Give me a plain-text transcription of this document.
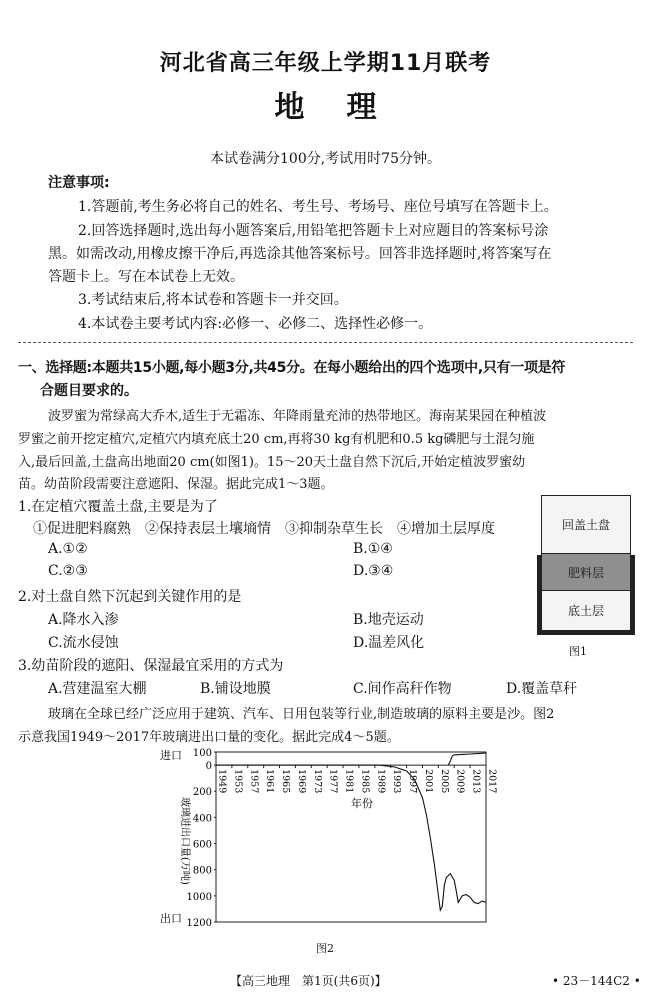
河北省高三年级上学期11月联考
地理
本试卷满分100分,考试用时75分钟。
注意事项:
1.答题前,考生务必将自己的姓名、考生号、考场号、座位号填写在答题卡上。
2.回答选择题时,选出每小题答案后,用铅笔把答题卡上对应题目的答案标号涂
黑。如需改动,用橡皮擦干净后,再选涂其他答案标号。回答非选择题时,将答案写在
答题卡上。写在本试卷上无效。
3.考试结束后,将本试卷和答题卡一并交回。
4.本试卷主要考试内容:必修一、必修二、选择性必修一。
一、选择题:本题共15小题,每小题3分,共45分。在每小题给出的四个选项中,只有一项是符
合题目要求的。
波罗蜜为常绿高大乔木,适生于无霜冻、年降雨量充沛的热带地区。海南某果园在种植波
罗蜜之前开挖定植穴,定植穴内填充底土20 cm,再将30 kg有机肥和0.5 kg磷肥与土混匀施
入,最后回盖,土盘高出地面20 cm(如图1)。15～20天土盘自然下沉后,开始定植波罗蜜幼
苗。幼苗阶段需要注意遮阳、保湿。据此完成1～3题。
1.在定植穴覆盖土盘,主要是为了
①促进肥料腐熟　②保持表层土壤墒情　③抑制杂草生长　④增加土层厚度
A.①②	B.①④
C.②③	D.③④
2.对土盘自然下沉起到关键作用的是
A.降水入渗	B.地壳运动
C.流水侵蚀	D.温差风化
3.幼苗阶段的遮阳、保湿最宜采用的方式为
A.营建温室大棚	B.铺设地膜	C.间作高秆作物	D.覆盖草秆
回盖土盘
肥料层
底土层
图1
玻璃在全球已经广泛应用于建筑、汽车、日用包装等行业,制造玻璃的原料主要是沙。图2
示意我国1949～2017年玻璃进出口量的变化。据此完成4～5题。
进口
出口
100
0
200
400
600
800
1000
1200
1949 1953 1957 1961 1965 1969 1973 1977 1981 1985 1989 1993 1997 2001 2005 2009 2013 2017
年份
玻璃进出口量(万吨)
图2
【高三地理　第1页(共6页)】	• 23－144C2 •
